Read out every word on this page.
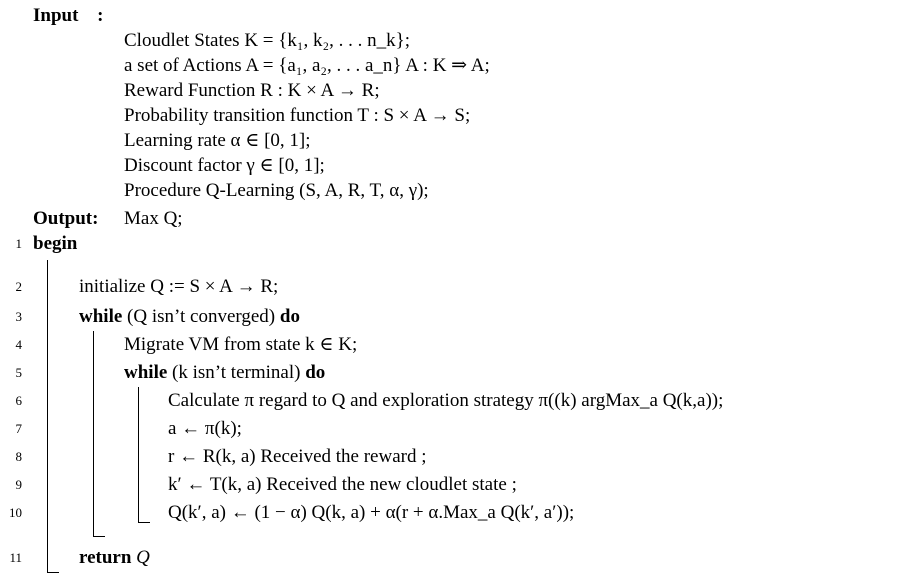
Input :
Cloudlet States K = {k₁, k₂, . . . n_k};
a set of Actions A = {a₁, a₂, . . . a_n} A : K ⇒ A;
Reward Function R : K × A → R;
Probability transition function T : S × A → S;
Learning rate α ∈ [0, 1];
Discount factor γ ∈ [0, 1];
Procedure Q-Learning (S, A, R, T, α, γ);
Output: Max Q;
1
2
3
4
5
6
7
8
9
10
11
begin
initialize Q := S × A → R;
while (Q isn’t converged) do
Migrate VM from state k ∈ K;
while (k isn’t terminal) do
Calculate π regard to Q and exploration strategy π((k) argMax_a Q(k,a));
a ← π(k);
r ← R(k, a) Received the reward ;
k′ ← T(k, a) Received the new cloudlet state ;
Q(k′, a) ← (1 − α) Q(k, a) + α(r + α.Max_a Q(k′, a′));
return Q
